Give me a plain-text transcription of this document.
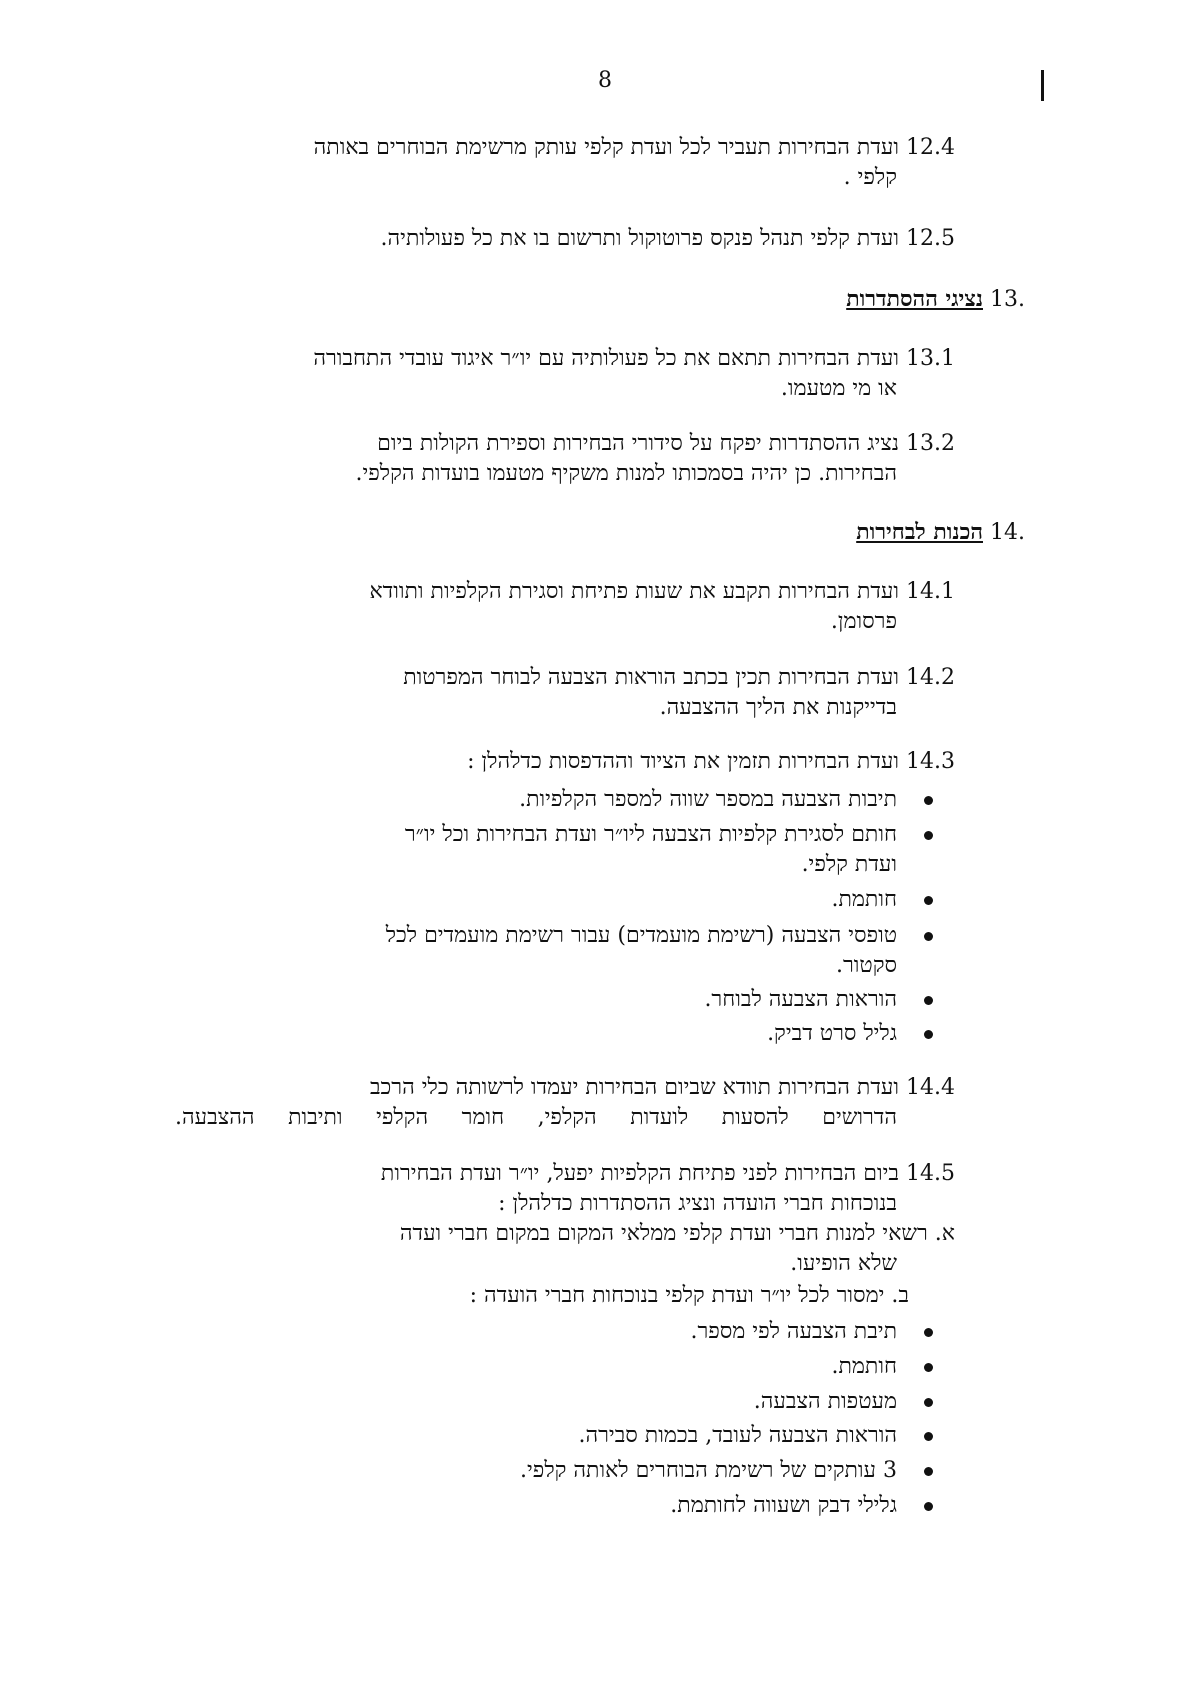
8
12.4 ועדת הבחירות תעביר לכל ועדת קלפי עותק מרשימת הבוחרים באותה
קלפי .
12.5 ועדת קלפי תנהל פנקס פרוטוקול ותרשום בו את כל פעולותיה.
13. נציגי ההסתדרות
13.1 ועדת הבחירות תתאם את כל פעולותיה עם יו״ר איגוד עובדי התחבורה
או מי מטעמו.
13.2 נציג ההסתדרות יפקח על סידורי הבחירות וספירת הקולות ביום
הבחירות. כן יהיה בסמכותו למנות משקיף מטעמו בועדות הקלפי.
14. הכנות לבחירות
14.1 ועדת הבחירות תקבע את שעות פתיחת וסגירת הקלפיות ותוודא
פרסומן.
14.2 ועדת הבחירות תכין בכתב הוראות הצבעה לבוחר המפרטות
בדייקנות את הליך ההצבעה.
14.3 ועדת הבחירות תזמין את הציוד וההדפסות כדלהלן :
תיבות הצבעה במספר שווה למספר הקלפיות.
חותם לסגירת קלפיות הצבעה ליו״ר ועדת הבחירות וכל יו״ר
ועדת קלפי.
חותמת.
טופסי הצבעה (רשימת מועמדים) עבור רשימת מועמדים לכל
סקטור.
הוראות הצבעה לבוחר.
גליל סרט דביק.
14.4 ועדת הבחירות תוודא שביום הבחירות יעמדו לרשותה כלי הרכב
הדרושים להסעות לועדות הקלפי, חומר הקלפי ותיבות ההצבעה.
14.5 ביום הבחירות לפני פתיחת הקלפיות יפעל, יו״ר ועדת הבחירות
בנוכחות חברי הועדה ונציג ההסתדרות כדלהלן :
א. רשאי למנות חברי ועדת קלפי ממלאי המקום במקום חברי ועדה
שלא הופיעו.
ב. ימסור לכל יו״ר ועדת קלפי בנוכחות חברי הועדה :
תיבת הצבעה לפי מספר.
חותמת.
מעטפות הצבעה.
הוראות הצבעה לעובד, בכמות סבירה.
3 עותקים של רשימת הבוחרים לאותה קלפי.
גלילי דבק ושעווה לחותמת.
